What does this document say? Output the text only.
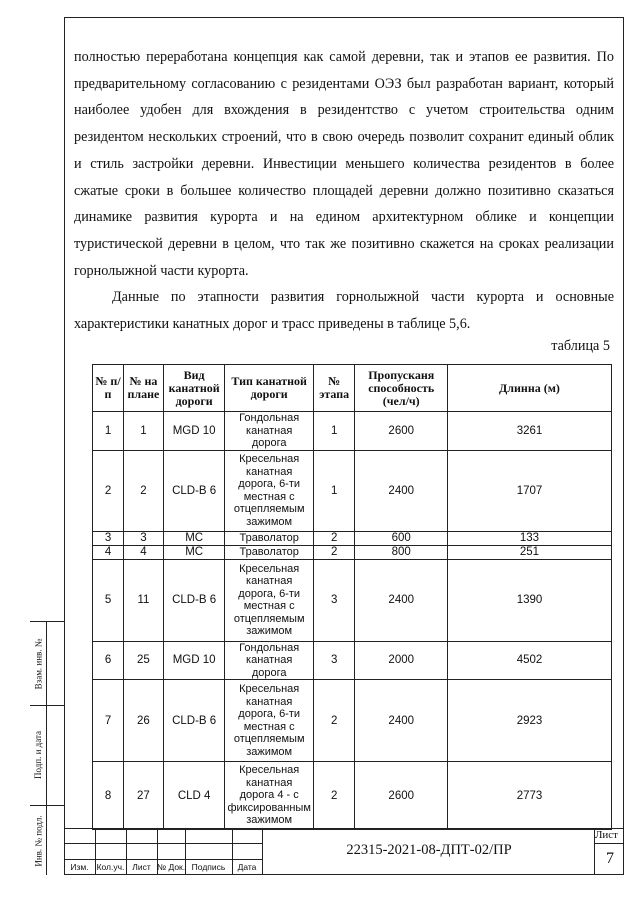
полностью переработана концепция как самой деревни, так и этапов ее развития. По предварительному согласованию с резидентами ОЭЗ был разработан вариант, который наиболее удобен для вхождения в резидентство с учетом строительства одним резидентом нескольких строений, что в свою очередь позволит сохранит единый облик и стиль застройки деревни. Инвестиции меньшего количества резидентов в более сжатые сроки в большее количество площадей деревни должно позитивно сказаться динамике развития курорта и на едином архитектурном облике и концепции туристической деревни в целом, что так же позитивно скажется на сроках реализации горнолыжной части курорта.

Данные по этапности развития горнолыжной части курорта и основные характеристики канатных дорог и трасс приведены в таблице 5,6.

таблица 5
№ п/п	№ на плане	Вид канатной дороги	Тип канатной дороги	№ этапа	Пропусканя способность (чел/ч)	Длинна (м)
1	1	MGD 10	Гондольная канатная дорога	1	2600	3261
2	2	CLD-B 6	Кресельная канатная дорога, 6-ти местная с отцепляемым зажимом	1	2400	1707
3	3	МС	Траволатор	2	600	133
4	4	МС	Траволатор	2	800	251
5	11	CLD-B 6	Кресельная канатная дорога, 6-ти местная с отцепляемым зажимом	3	2400	1390
6	25	MGD 10	Гондольная канатная дорога	3	2000	4502
7	26	CLD-B 6	Кресельная канатная дорога, 6-ти местная с отцепляемым зажимом	2	2400	2923
8	27	CLD 4	Кресельная канатная дорога 4 - с фиксированным зажимом	2	2600	2773
Взам. инв. №
Подп. и дата
Инв. № подл.
Изм. Кол.уч. Лист № Док. Подпись	Дата
22315-2021-08-ДПТ-02/ПР
Лист
7
